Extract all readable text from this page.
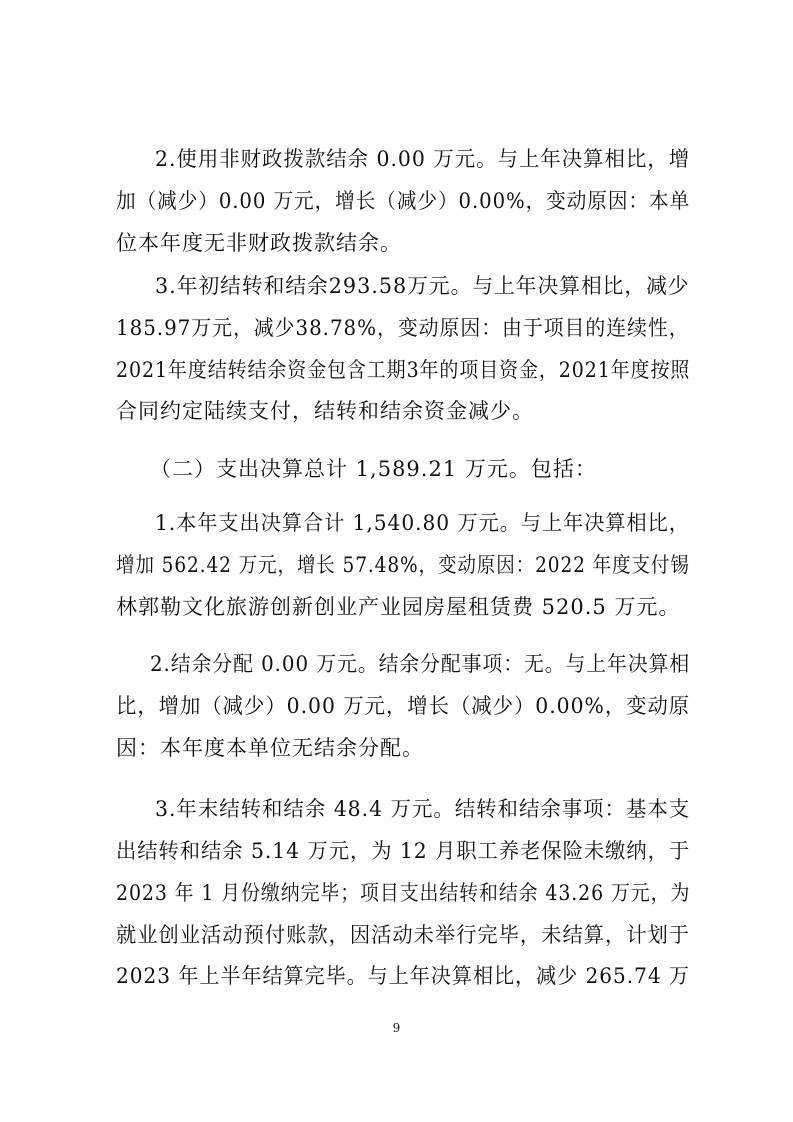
2.使用非财政拨款结余 0.00 万元。与上年决算相比，增
加（减少）0.00 万元，增长（减少）0.00%，变动原因：本单
位本年度无非财政拨款结余。
3.年初结转和结余293.58万元。与上年决算相比，减少
185.97万元，减少38.78%，变动原因：由于项目的连续性，
2021年度结转结余资金包含工期3年的项目资金，2021年度按照
合同约定陆续支付，结转和结余资金减少。
（二）支出决算总计 1,589.21 万元。包括：
1.本年支出决算合计 1,540.80 万元。与上年决算相比，
增加 562.42 万元，增长 57.48%，变动原因：2022 年度支付锡
林郭勒文化旅游创新创业产业园房屋租赁费 520.5 万元。
2.结余分配 0.00 万元。结余分配事项：无。与上年决算相
比，增加（减少）0.00 万元，增长（减少）0.00%，变动原
因：本年度本单位无结余分配。
3.年末结转和结余 48.4 万元。结转和结余事项：基本支
出结转和结余 5.14 万元，为 12 月职工养老保险未缴纳，于
2023 年 1 月份缴纳完毕；项目支出结转和结余 43.26 万元，为
就业创业活动预付账款，因活动未举行完毕，未结算，计划于
2023 年上半年结算完毕。与上年决算相比，减少 265.74 万
9
